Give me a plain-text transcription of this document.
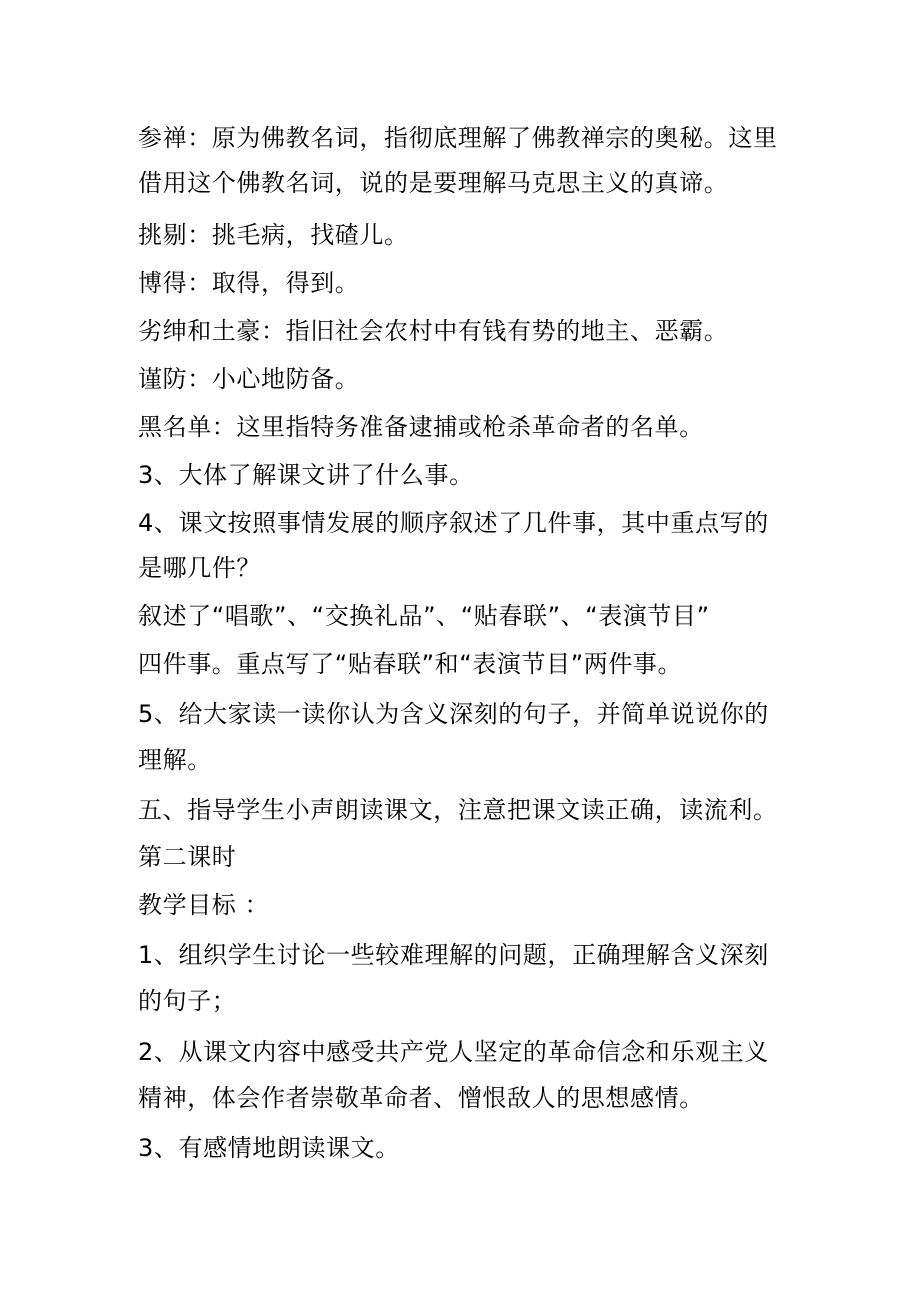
参禅：原为佛教名词，指彻底理解了佛教禅宗的奥秘。这里
借用这个佛教名词，说的是要理解马克思主义的真谛。
挑剔：挑毛病，找碴儿。
博得：取得，得到。
劣绅和土豪：指旧社会农村中有钱有势的地主、恶霸。
谨防：小心地防备。
黑名单：这里指特务准备逮捕或枪杀革命者的名单。
3、大体了解课文讲了什么事。
4、课文按照事情发展的顺序叙述了几件事，其中重点写的
是哪几件？
叙述了“唱歌”、“交换礼品”、“贴春联”、“表演节目”
四件事。重点写了“贴春联”和“表演节目”两件事。
5、给大家读一读你认为含义深刻的句子，并简单说说你的
理解。
五、指导学生小声朗读课文，注意把课文读正确，读流利。
第二课时
教学目标 ：
1、组织学生讨论一些较难理解的问题，正确理解含义深刻
的句子；
2、从课文内容中感受共产党人坚定的革命信念和乐观主义
精神，体会作者崇敬革命者、憎恨敌人的思想感情。
3、有感情地朗读课文。
